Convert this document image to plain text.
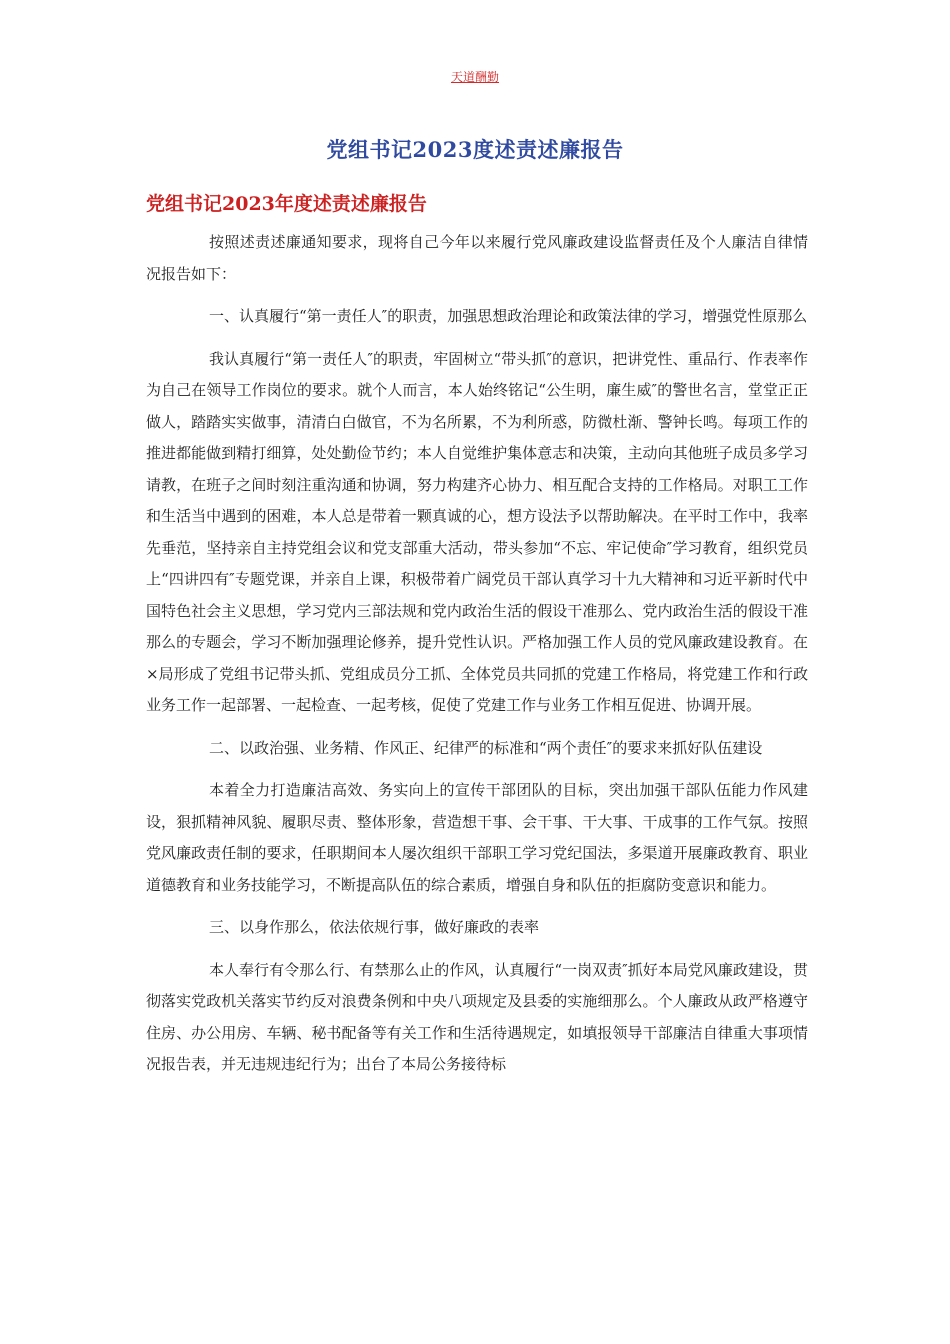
天道酬勤
党组书记2023度述责述廉报告
党组书记2023年度述责述廉报告

按照述责述廉通知要求，现将自己今年以来履行党风廉政建设监督责任及个人廉洁自律情况报告如下：

一、认真履行“第一责任人″的职责，加强思想政治理论和政策法律的学习，增强党性原那么

我认真履行“第一责任人″的职责，牢固树立“带头抓″的意识，把讲党性、重品行、作表率作为自己在领导工作岗位的要求。就个人而言，本人始终铭记“公生明，廉生威″的警世名言，堂堂正正做人，踏踏实实做事，清清白白做官，不为名所累，不为利所惑，防微杜渐、警钟长鸣。每项工作的推进都能做到精打细算，处处勤俭节约；本人自觉维护集体意志和决策，主动向其他班子成员多学习请教，在班子之间时刻注重沟通和协调，努力构建齐心协力、相互配合支持的工作格局。对职工工作和生活当中遇到的困难，本人总是带着一颗真诚的心，想方设法予以帮助解决。在平时工作中，我率先垂范，坚持亲自主持党组会议和党支部重大活动，带头参加“不忘、牢记使命″学习教育，组织党员上“四讲四有″专题党课，并亲自上课，积极带着广阔党员干部认真学习十九大精神和习近平新时代中国特色社会主义思想，学习党内三部法规和党内政治生活的假设干准那么、党内政治生活的假设干准那么的专题会，学习不断加强理论修养，提升党性认识。严格加强工作人员的党风廉政建设教育。在×局形成了党组书记带头抓、党组成员分工抓、全体党员共同抓的党建工作格局，将党建工作和行政业务工作一起部署、一起检查、一起考核，促使了党建工作与业务工作相互促进、协调开展。

二、以政治强、业务精、作风正、纪律严的标准和“两个责任″的要求来抓好队伍建设

本着全力打造廉洁高效、务实向上的宣传干部团队的目标，突出加强干部队伍能力作风建设，狠抓精神风貌、履职尽责、整体形象，营造想干事、会干事、干大事、干成事的工作气氛。按照党风廉政责任制的要求，任职期间本人屡次组织干部职工学习党纪国法，多渠道开展廉政教育、职业道德教育和业务技能学习，不断提高队伍的综合素质，增强自身和队伍的拒腐防变意识和能力。

三、以身作那么，依法依规行事，做好廉政的表率

本人奉行有令那么行、有禁那么止的作风，认真履行“一岗双责″抓好本局党风廉政建设，贯彻落实党政机关落实节约反对浪费条例和中央八项规定及县委的实施细那么。个人廉政从政严格遵守住房、办公用房、车辆、秘书配备等有关工作和生活待遇规定，如填报领导干部廉洁自律重大事项情况报告表，并无违规违纪行为；出台了本局公务接待标
